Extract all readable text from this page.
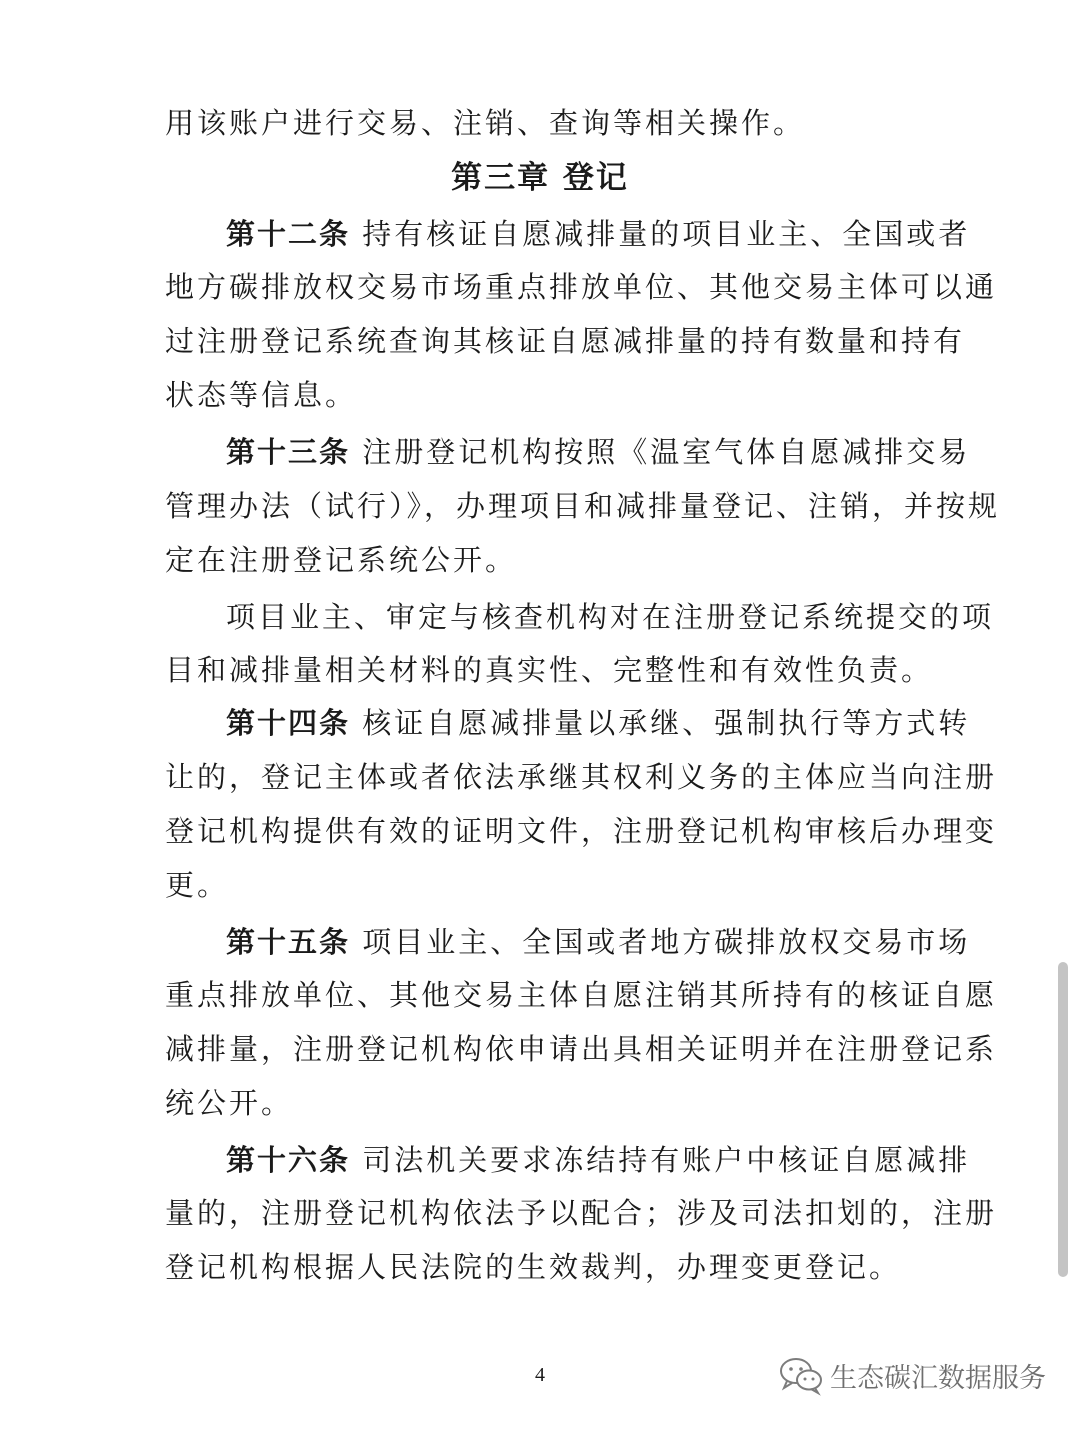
用该账户进行交易、注销、查询等相关操作。
第三章 登记
第十二条 持有核证自愿减排量的项目业主、全国或者
地方碳排放权交易市场重点排放单位、其他交易主体可以通
过注册登记系统查询其核证自愿减排量的持有数量和持有
状态等信息。
第十三条 注册登记机构按照《温室气体自愿减排交易
管理办法（试行）》，办理项目和减排量登记、注销，并按规
定在注册登记系统公开。
项目业主、审定与核查机构对在注册登记系统提交的项
目和减排量相关材料的真实性、完整性和有效性负责。
第十四条 核证自愿减排量以承继、强制执行等方式转
让的，登记主体或者依法承继其权利义务的主体应当向注册
登记机构提供有效的证明文件，注册登记机构审核后办理变
更。
第十五条 项目业主、全国或者地方碳排放权交易市场
重点排放单位、其他交易主体自愿注销其所持有的核证自愿
减排量，注册登记机构依申请出具相关证明并在注册登记系
统公开。
第十六条 司法机关要求冻结持有账户中核证自愿减排
量的，注册登记机构依法予以配合；涉及司法扣划的，注册
登记机构根据人民法院的生效裁判，办理变更登记。
4	生态碳汇数据服务
